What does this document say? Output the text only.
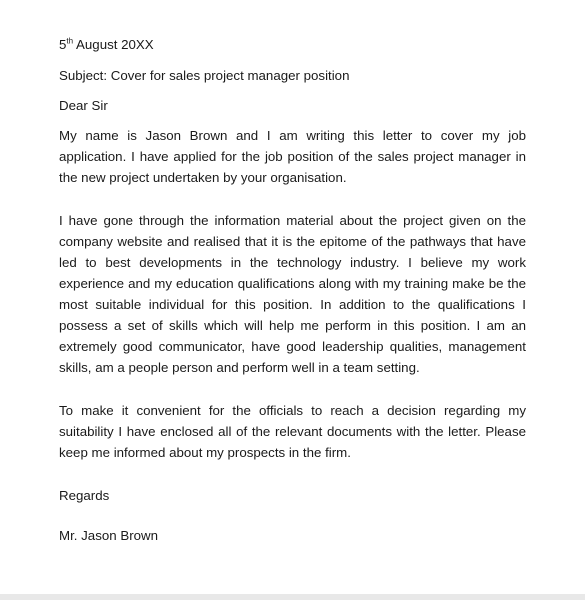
5th August 20XX

Subject: Cover for sales project manager position

Dear Sir

My name is Jason Brown and I am writing this letter to cover my job application. I have applied for the job position of the sales project manager in the new project undertaken by your organisation.

I have gone through the information material about the project given on the company website and realised that it is the epitome of the pathways that have led to best developments in the technology industry. I believe my work experience and my education qualifications along with my training make be the most suitable individual for this position. In addition to the qualifications I possess a set of skills which will help me perform in this position. I am an extremely good communicator, have good leadership qualities, management skills, am a people person and perform well in a team setting.

To make it convenient for the officials to reach a decision regarding my suitability I have enclosed all of the relevant documents with the letter. Please keep me informed about my prospects in the firm.

Regards

Mr. Jason Brown
